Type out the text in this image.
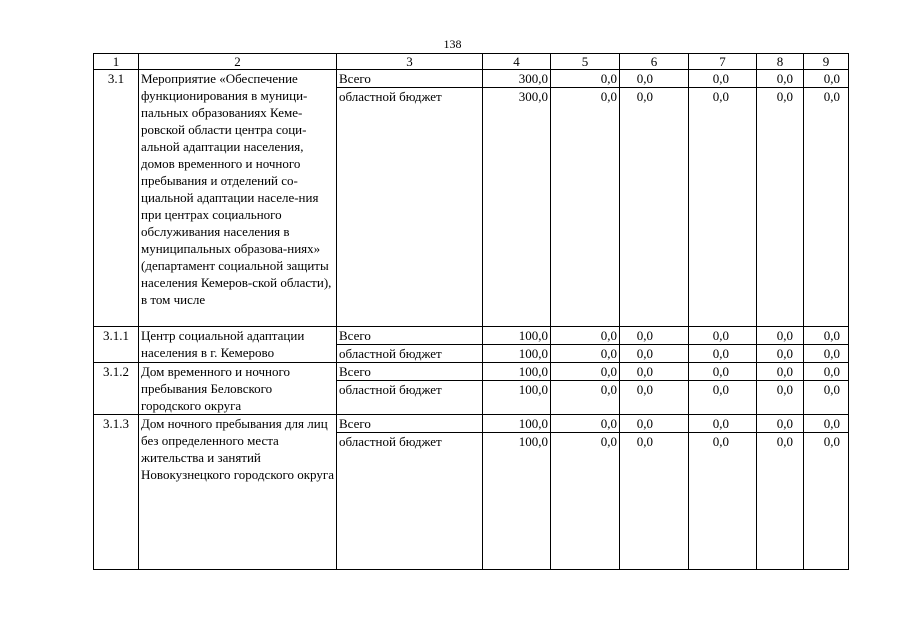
138
1	2	3	4	5	6	7	8	9
3.1	Мероприятие «Обеспечение функционирования в муници-пальных образованиях Кеме-ровской области центра соци-альной адаптации населения, домов временного и ночного пребывания и отделений со-циальной адаптации населе-ния при центрах социального обслуживания населения в муниципальных образова-ниях» (департамент социальной защиты населения Кемеров-ской области), в том числе	Всего	300,0	0,0	0,0	0,0	0,0	0,0
		областной бюджет	300,0	0,0	0,0	0,0	0,0	0,0
3.1.1	Центр социальной адаптации населения в г. Кемерово	Всего	100,0	0,0	0,0	0,0	0,0	0,0
		областной бюджет	100,0	0,0	0,0	0,0	0,0	0,0
3.1.2	Дом временного и ночного пребывания Беловского городского округа	Всего	100,0	0,0	0,0	0,0	0,0	0,0
		областной бюджет	100,0	0,0	0,0	0,0	0,0	0,0
3.1.3	Дом ночного пребывания для лиц без определенного места жительства и занятий Новокузнецкого городского округа	Всего	100,0	0,0	0,0	0,0	0,0	0,0
		областной бюджет	100,0	0,0	0,0	0,0	0,0	0,0
